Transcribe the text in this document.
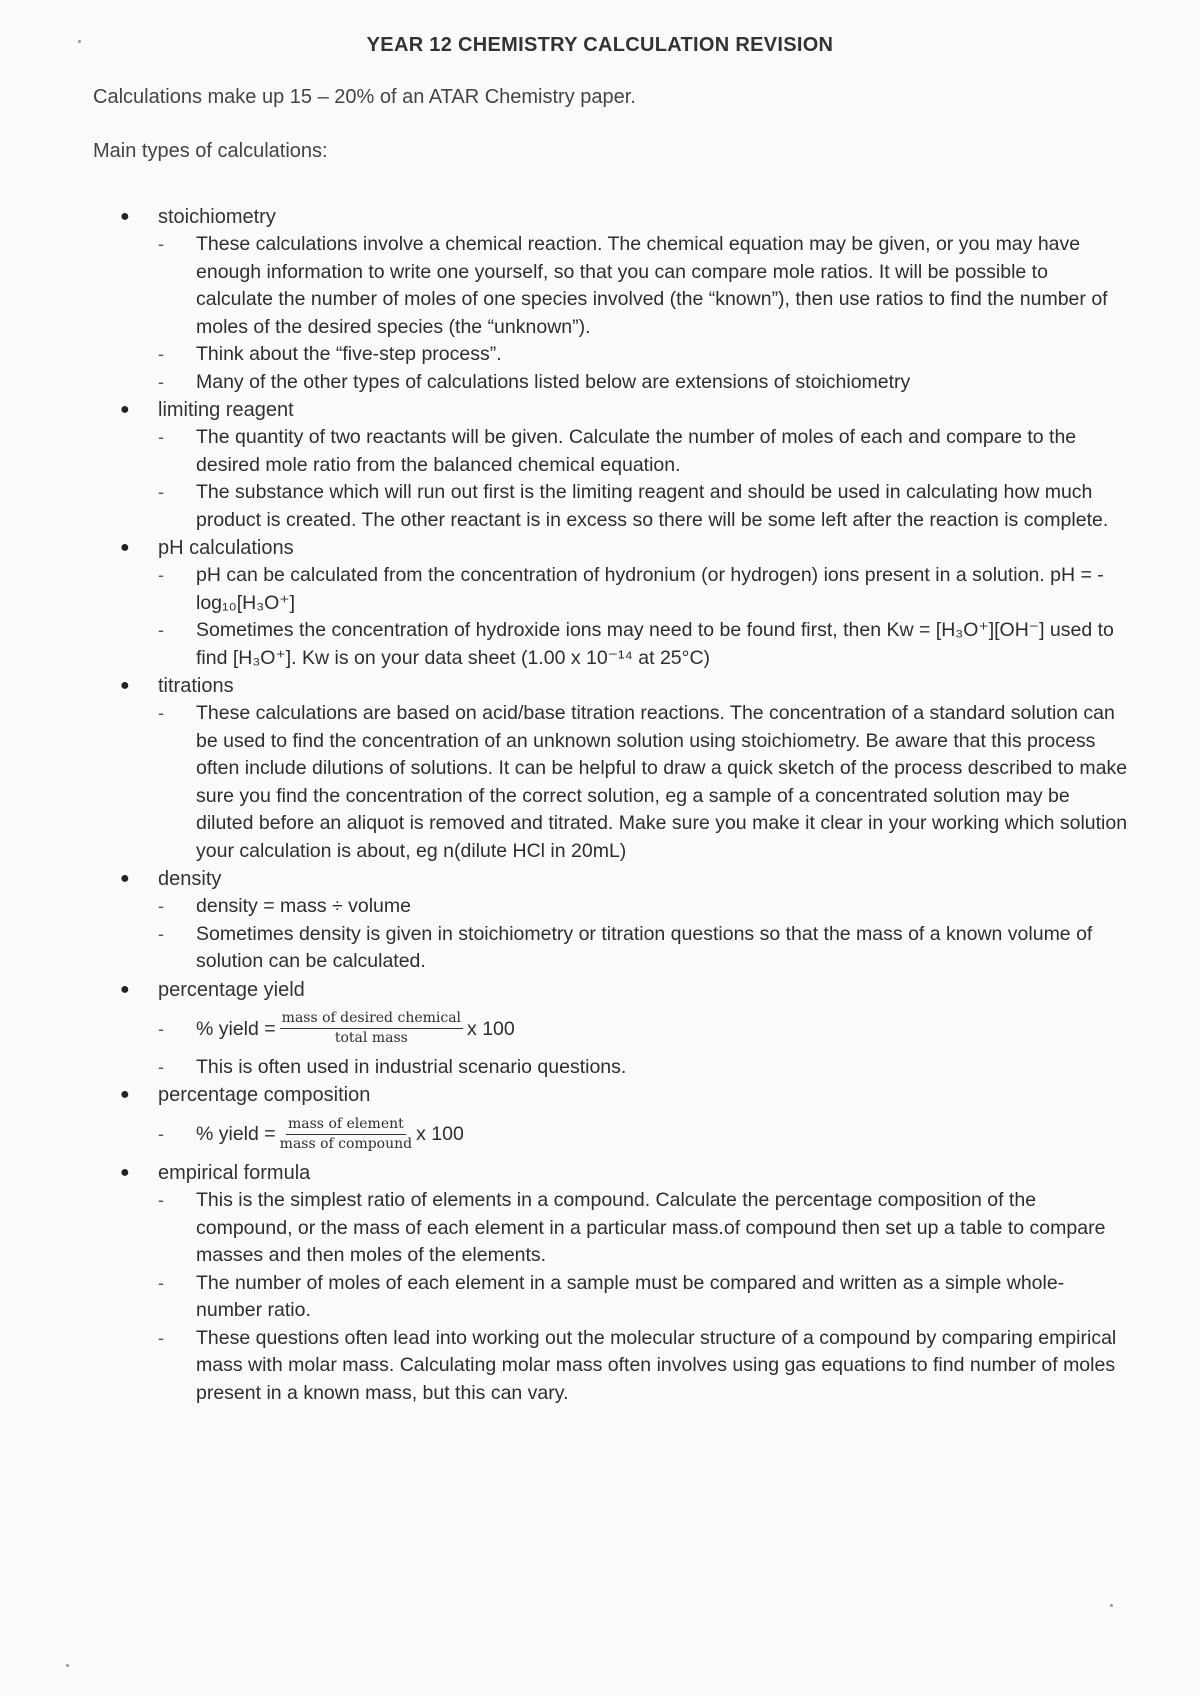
YEAR 12 CHEMISTRY CALCULATION REVISION
Calculations make up 15 – 20% of an ATAR Chemistry paper.
Main types of calculations:
●	stoichiometry
-	These calculations involve a chemical reaction. The chemical equation may be given, or you may have enough information to write one yourself, so that you can compare mole ratios. It will be possible to calculate the number of moles of one species involved (the “known”), then use ratios to find the number of moles of the desired species (the “unknown”).
-	Think about the “five-step process”.
-	Many of the other types of calculations listed below are extensions of stoichiometry
●	limiting reagent
-	The quantity of two reactants will be given. Calculate the number of moles of each and compare to the desired mole ratio from the balanced chemical equation.
-	The substance which will run out first is the limiting reagent and should be used in calculating how much product is created. The other reactant is in excess so there will be some left after the reaction is complete.
●	pH calculations
-	pH can be calculated from the concentration of hydronium (or hydrogen) ions present in a solution. pH = -log₁₀[H₃O⁺]
-	Sometimes the concentration of hydroxide ions may need to be found first, then Kw = [H₃O⁺][OH⁻] used to find [H₃O⁺]. Kw is on your data sheet (1.00 x 10⁻¹⁴ at 25°C)
●	titrations
-	These calculations are based on acid/base titration reactions. The concentration of a standard solution can be used to find the concentration of an unknown solution using stoichiometry. Be aware that this process often include dilutions of solutions. It can be helpful to draw a quick sketch of the process described to make sure you find the concentration of the correct solution, eg a sample of a concentrated solution may be diluted before an aliquot is removed and titrated. Make sure you make it clear in your working which solution your calculation is about, eg n(dilute HCl in 20mL)
●	density
-	density = mass ÷ volume
-	Sometimes density is given in stoichiometry or titration questions so that the mass of a known volume of solution can be calculated.
●	percentage yield
-	% yield = $\frac{\text{mass of desired chemical}}{\text{total mass}}$ x 100
-	This is often used in industrial scenario questions.
●	percentage composition
-	% yield = $\frac{\text{mass of element}}{\text{mass of compound}}$ x 100
●	empirical formula
-	This is the simplest ratio of elements in a compound. Calculate the percentage composition of the compound, or the mass of each element in a particular mass.of compound then set up a table to compare masses and then moles of the elements.
-	The number of moles of each element in a sample must be compared and written as a simple whole-number ratio.
-	These questions often lead into working out the molecular structure of a compound by comparing empirical mass with molar mass. Calculating molar mass often involves using gas equations to find number of moles present in a known mass, but this can vary.
